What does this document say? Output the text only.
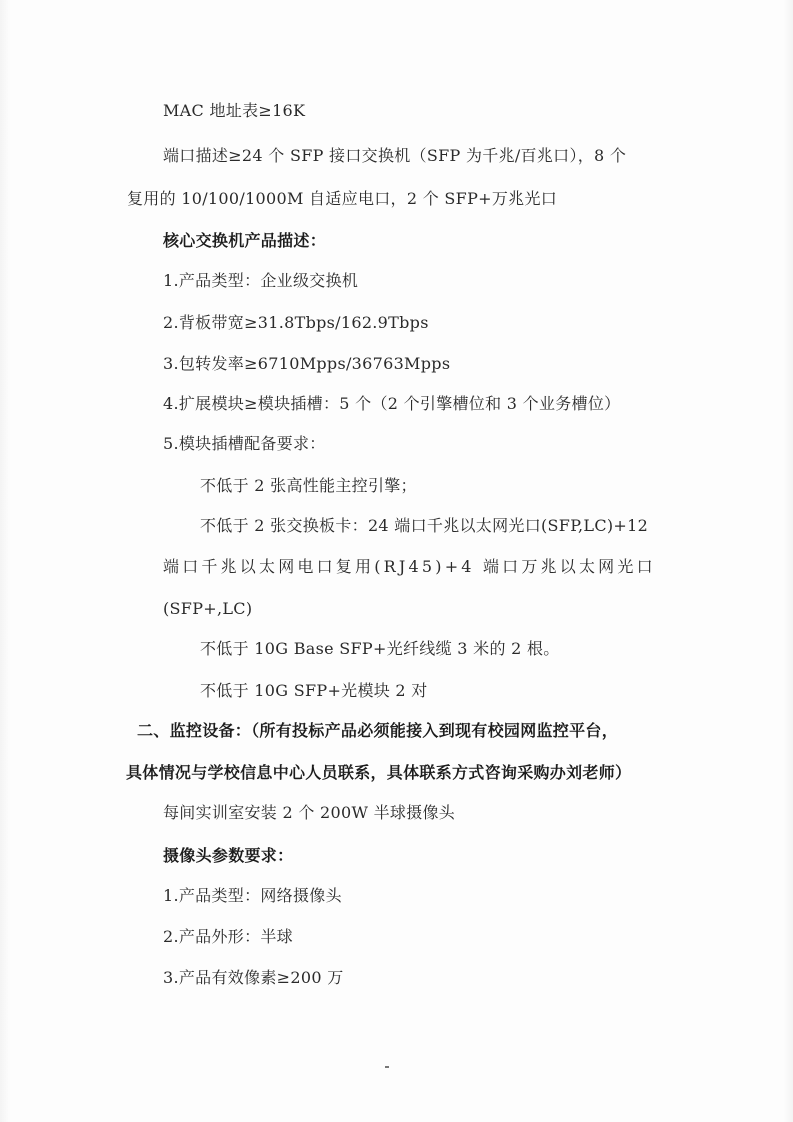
MAC 地址表≥16K
端口描述≥24 个 SFP 接口交换机（SFP 为千兆/百兆口），8 个
复用的 10/100/1000M 自适应电口，2 个 SFP+万兆光口
核心交换机产品描述：
1.产品类型：企业级交换机
2.背板带宽≥31.8Tbps/162.9Tbps
3.包转发率≥6710Mpps/36763Mpps
4.扩展模块≥模块插槽：5 个（2 个引擎槽位和 3 个业务槽位）
5.模块插槽配备要求：
不低于 2 张高性能主控引擎；
不低于 2 张交换板卡：24 端口千兆以太网光口(SFP,LC)+12
端口千兆以太网电口复用(RJ45)+4 端口万兆以太网光口
(SFP+,LC)
不低于 10G Base SFP+光纤线缆 3 米的 2 根。
不低于 10G SFP+光模块 2 对
二、监控设备：（所有投标产品必须能接入到现有校园网监控平台，
具体情况与学校信息中心人员联系，具体联系方式咨询采购办刘老师）
每间实训室安装 2 个 200W 半球摄像头
摄像头参数要求：
1.产品类型：网络摄像头
2.产品外形：半球
3.产品有效像素≥200 万
